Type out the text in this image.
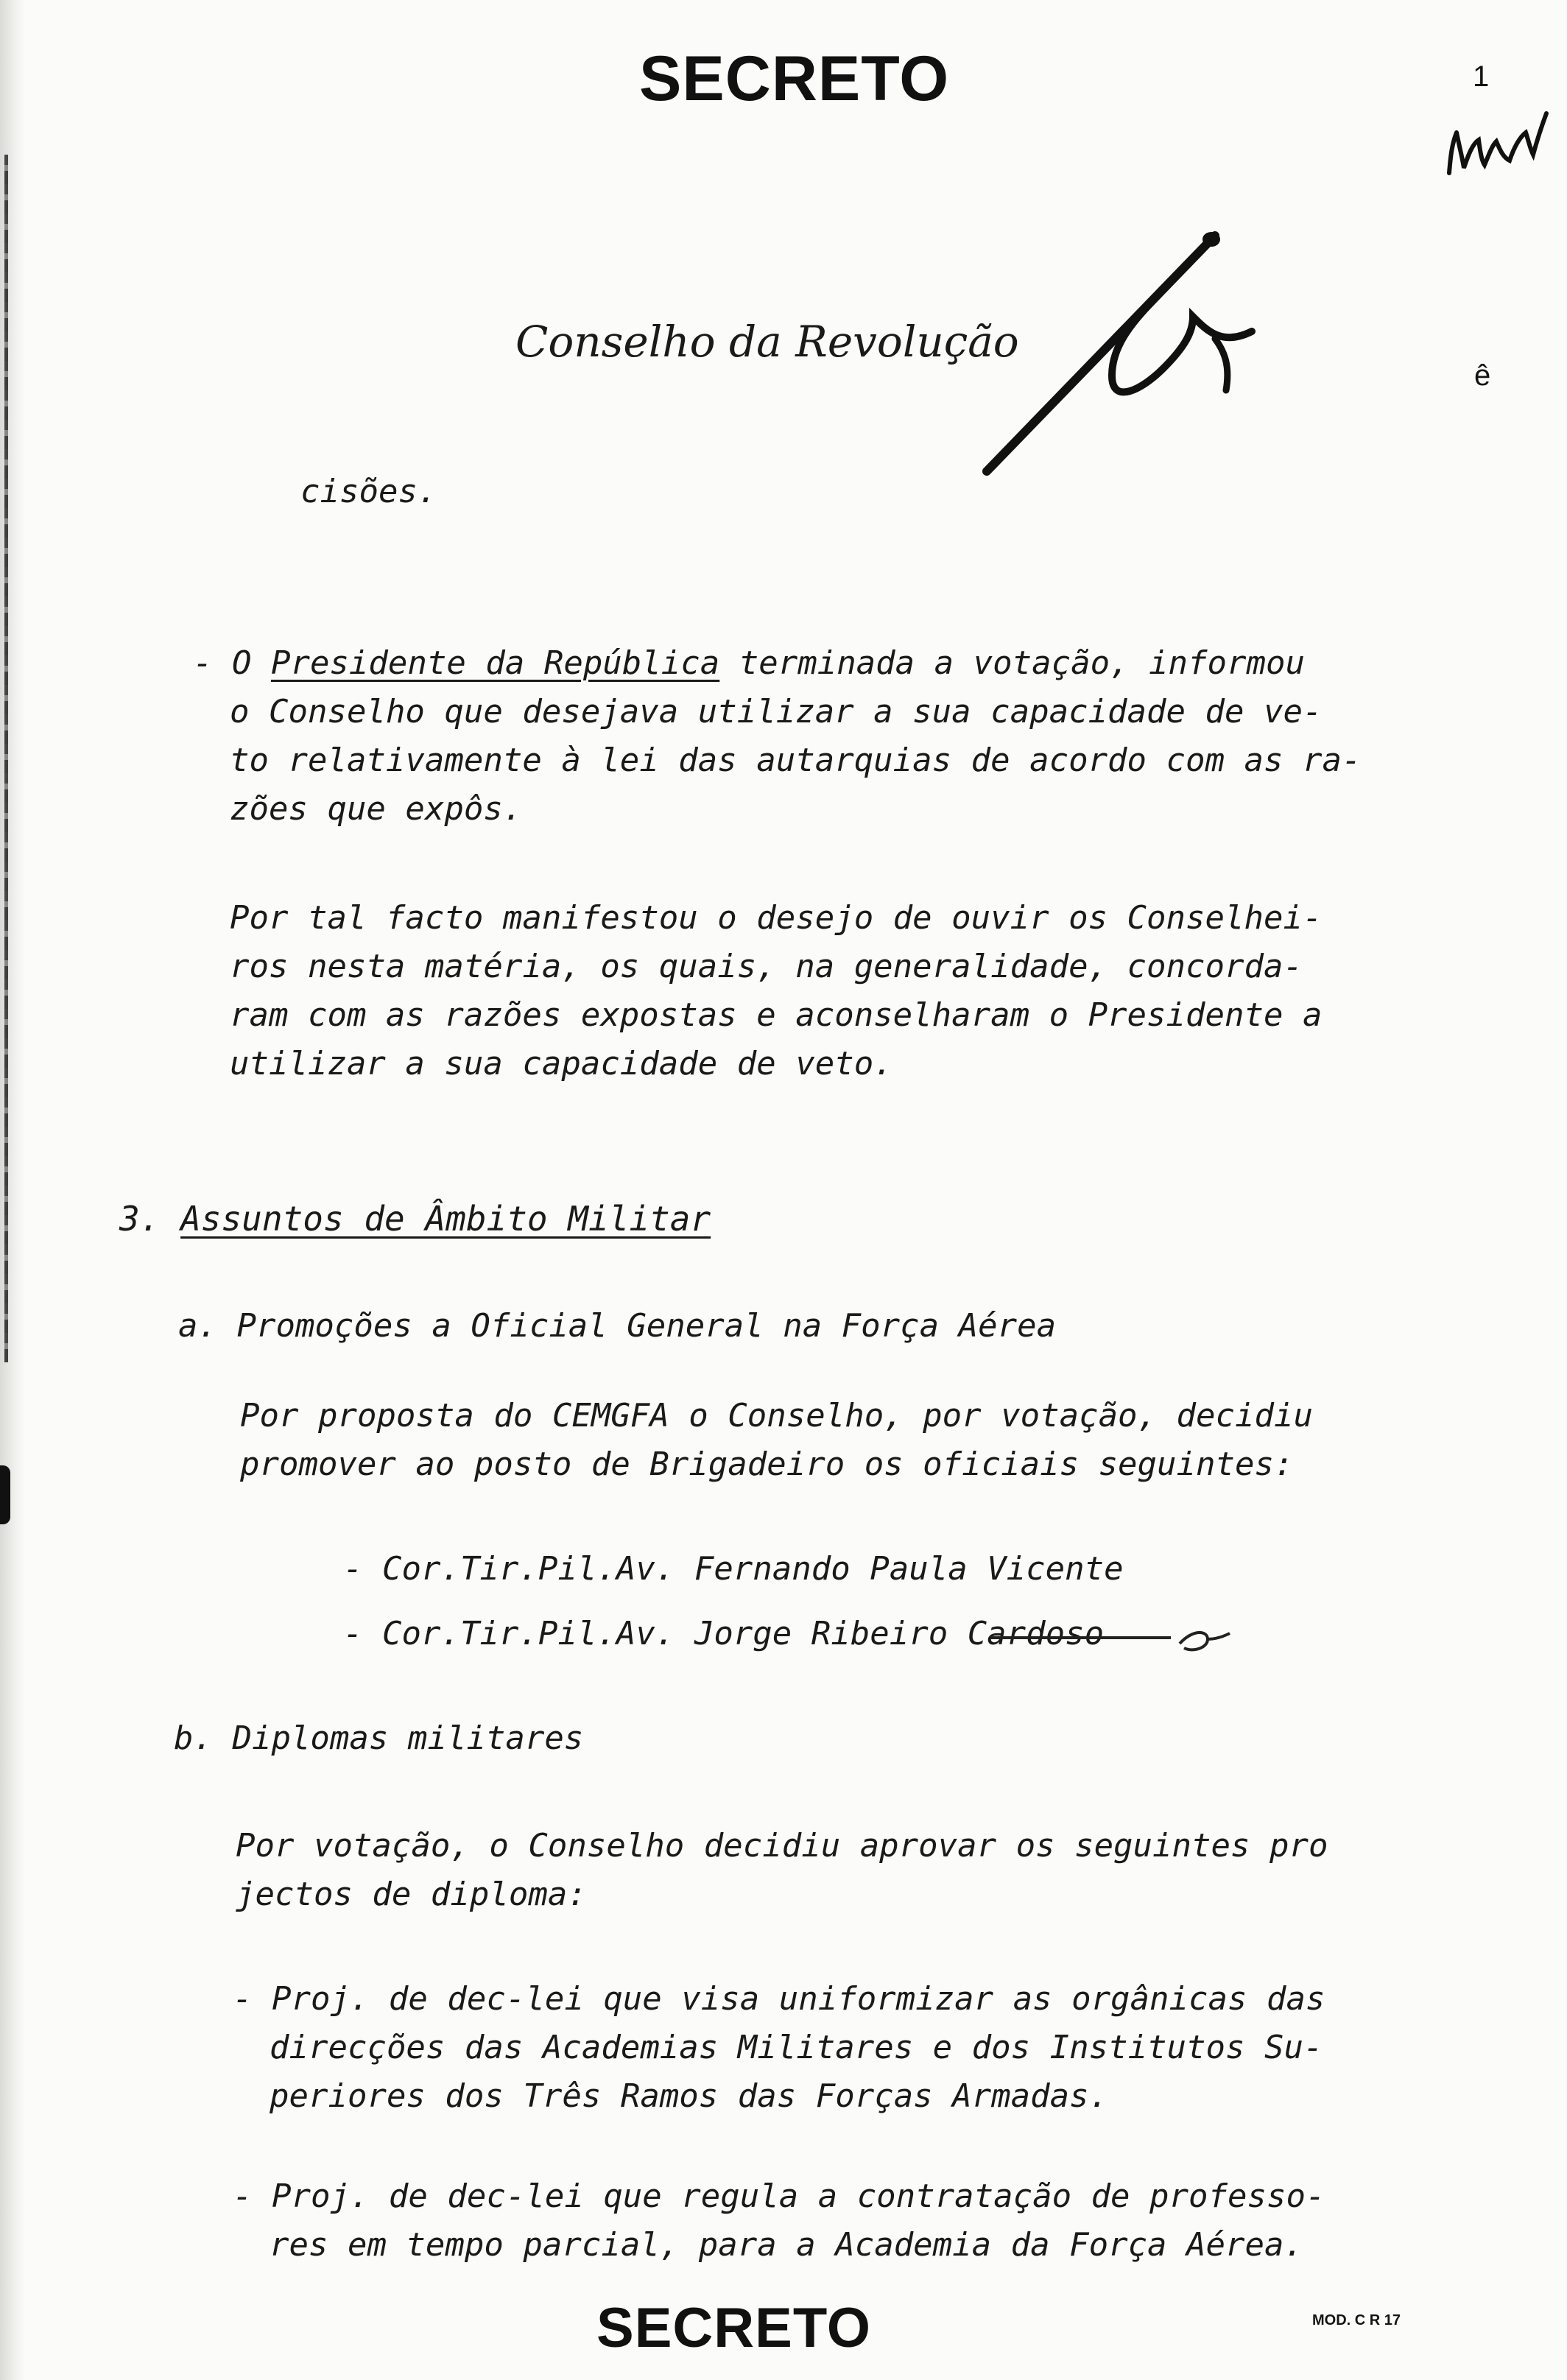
SECRETO	1
Conselho da Revolução
ê
cisões.
- O Presidente da República terminada a votação, informou
o Conselho que desejava utilizar a sua capacidade de ve-
to relativamente à lei das autarquias de acordo com as ra-
zões que expôs.
Por tal facto manifestou o desejo de ouvir os Conselhei-
ros nesta matéria, os quais, na generalidade, concorda-
ram com as razões expostas e aconselharam o Presidente a
utilizar a sua capacidade de veto.
3. Assuntos de Âmbito Militar
a. Promoções a Oficial General na Força Aérea
Por proposta do CEMGFA o Conselho, por votação, decidiu
promover ao posto de Brigadeiro os oficiais seguintes:
- Cor.Tir.Pil.Av. Fernando Paula Vicente
- Cor.Tir.Pil.Av. Jorge Ribeiro Cardoso
b. Diplomas militares
Por votação, o Conselho decidiu aprovar os seguintes pro
jectos de diploma:
- Proj. de dec-lei que visa uniformizar as orgânicas das
direcções das Academias Militares e dos Institutos Su-
periores dos Três Ramos das Forças Armadas.
- Proj. de dec-lei que regula a contratação de professo-
res em tempo parcial, para a Academia da Força Aérea.
SECRETO	MOD. C R 17
